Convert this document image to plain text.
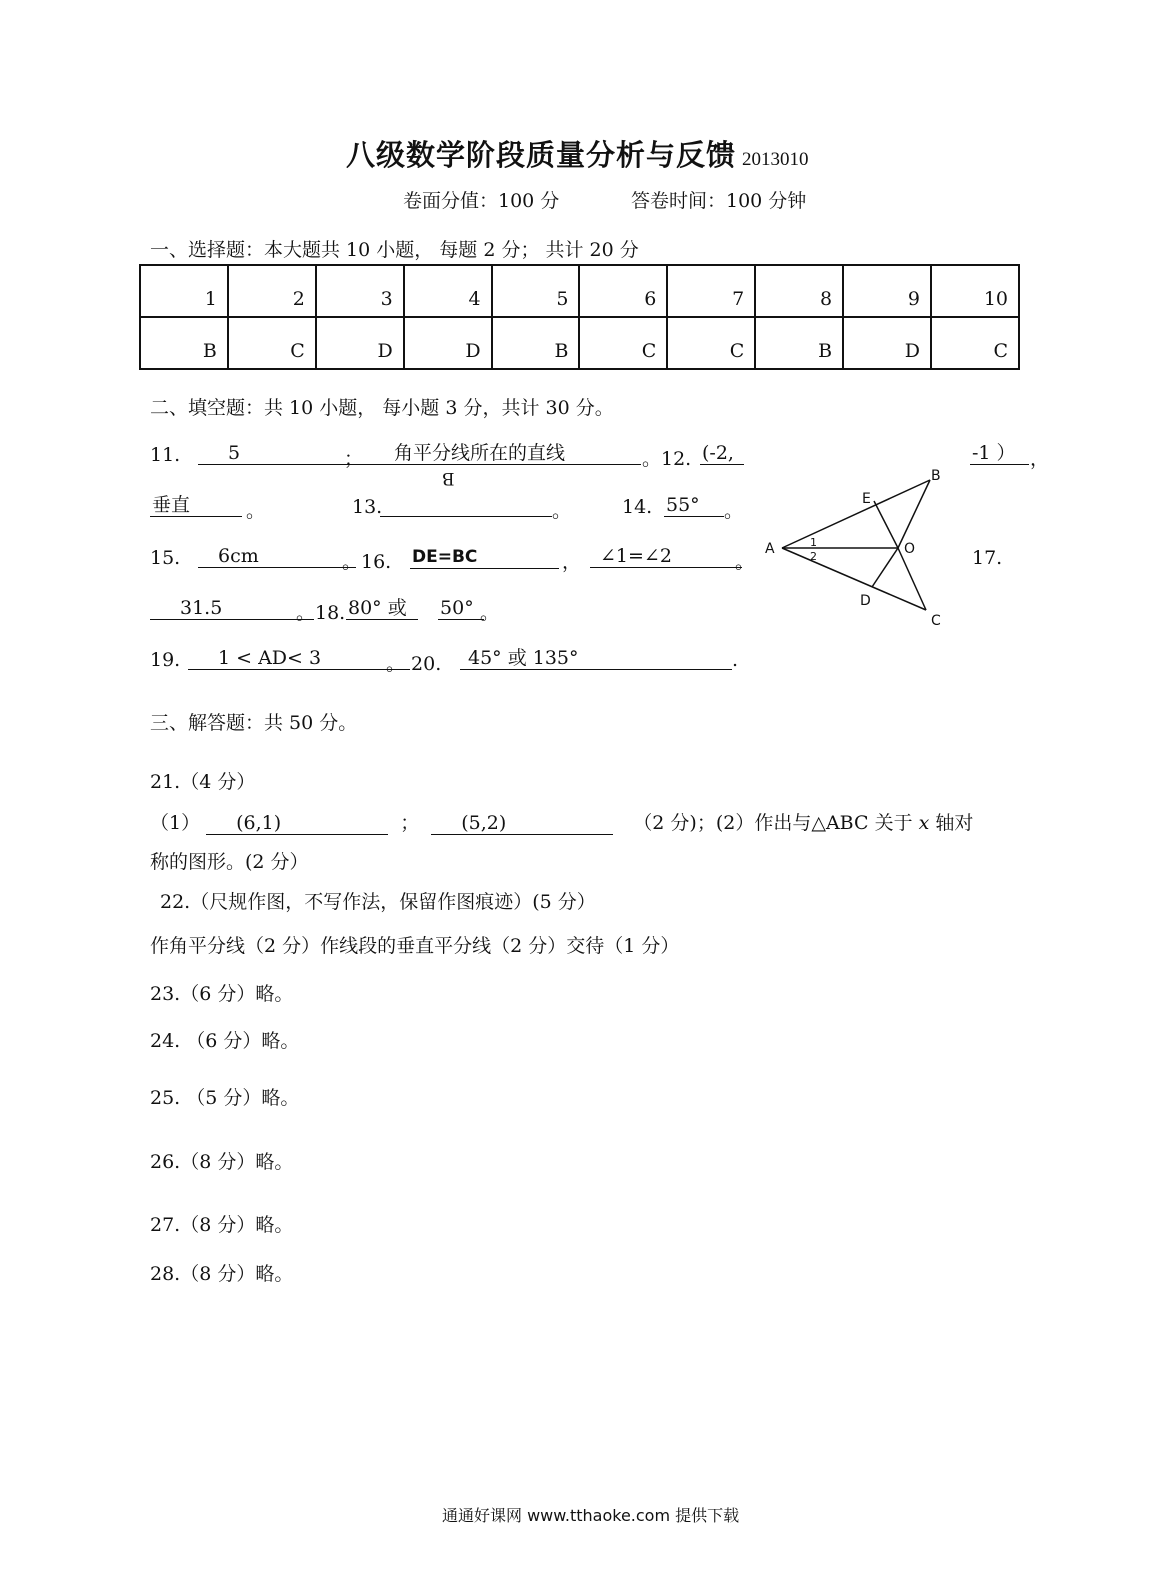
八级数学阶段质量分析与反馈 2013010
卷面分值：100 分	答卷时间：100 分钟
一、选择题：本大题共 10 小题， 每题 2 分； 共计 20 分
1	2	3	4	5	6	7	8	9	10
B	C	D	D	B	C	C	B	D	C
二、填空题：共 10 小题， 每小题 3 分，共计 30 分。
11.	5	；	角平分线所在的直线
B
。12. (-2,	-1 ） ，
垂直	。	13.	。	14. 55°	。
15.	6cm	。16. DE=BC	， ∠1=∠2	。	17.
31.5	。18. 80° 或 50° 。
19.	1 < AD< 3	。 20.	45° 或 135°	.
A
B
C
D
E
O
1
2
三、解答题：共 50 分。
21.（4 分）
（1） (6,1)	； (5,2)	（2 分)；(2）作出与△ABC 关于 x 轴对
称的图形。(2 分）
22.（尺规作图，不写作法，保留作图痕迹）(5 分）
作角平分线（2 分）作线段的垂直平分线（2 分）交待（1 分）
23.（6 分）略。
24. （6 分）略。
25. （5 分）略。
26.（8 分）略。
27.（8 分）略。
28.（8 分）略。
通通好课网 www.tthaoke.com 提供下载
